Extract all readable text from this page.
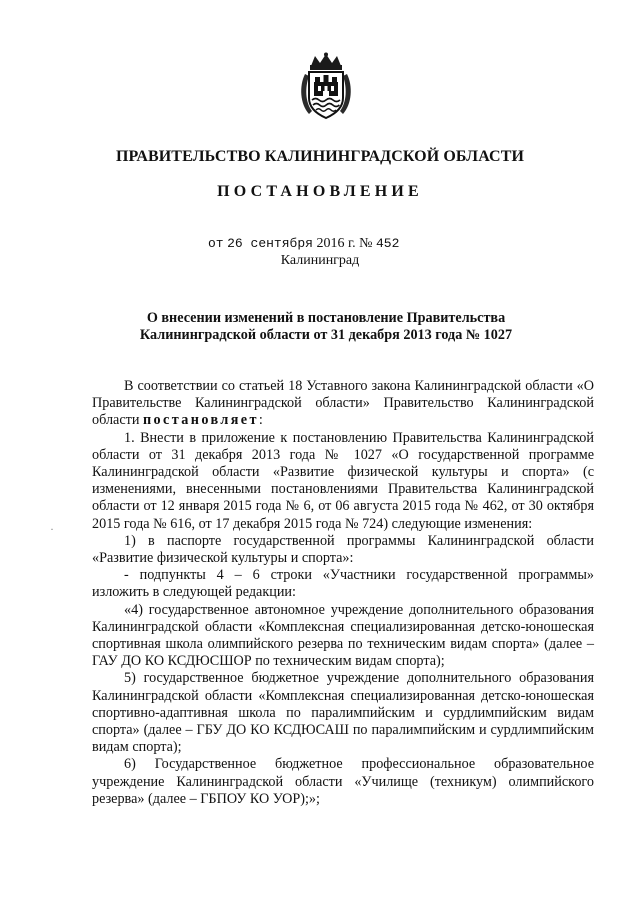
ПРАВИТЕЛЬСТВО КАЛИНИНГРАДСКОЙ ОБЛАСТИ
ПОСТАНОВЛЕНИЕ
от 26 сентября 2016 г. № 452
Калининград
О внесении изменений в постановление Правительства
Калининградской области от 31 декабря 2013 года № 1027
·

В соответствии со статьей 18 Уставного закона Калининградской области «О Правительстве Калининградской области» Правительство Калининградской области постановляет:

1. Внести в приложение к постановлению Правительства Калининградской области от 31 декабря 2013 года № 1027 «О государственной программе Калининградской области «Развитие физической культуры и спорта» (с изменениями, внесенными постановлениями Правительства Калининградской области от 12 января 2015 года № 6, от 06 августа 2015 года № 462, от 30 октября 2015 года № 616, от 17 декабря 2015 года № 724) следующие изменения:

1) в паспорте государственной программы Калининградской области «Развитие физической культуры и спорта»:

- подпункты 4 – 6 строки «Участники государственной программы» изложить в следующей редакции:

«4) государственное автономное учреждение дополнительного образования Калининградской области «Комплексная специализированная детско-юношеская спортивная школа олимпийского резерва по техническим видам спорта» (далее – ГАУ ДО КО КСДЮСШОР по техническим видам спорта);

5) государственное бюджетное учреждение дополнительного образования Калининградской области «Комплексная специализированная детско-юношеская спортивно-адаптивная школа по паралимпийским и сурдлимпийским видам спорта» (далее – ГБУ ДО КО КСДЮСАШ по паралимпийским и сурдлимпийским видам спорта);

6) Государственное бюджетное профессиональное образовательное учреждение Калининградской области «Училище (техникум) олимпийского резерва» (далее – ГБПОУ КО УОР);»;
